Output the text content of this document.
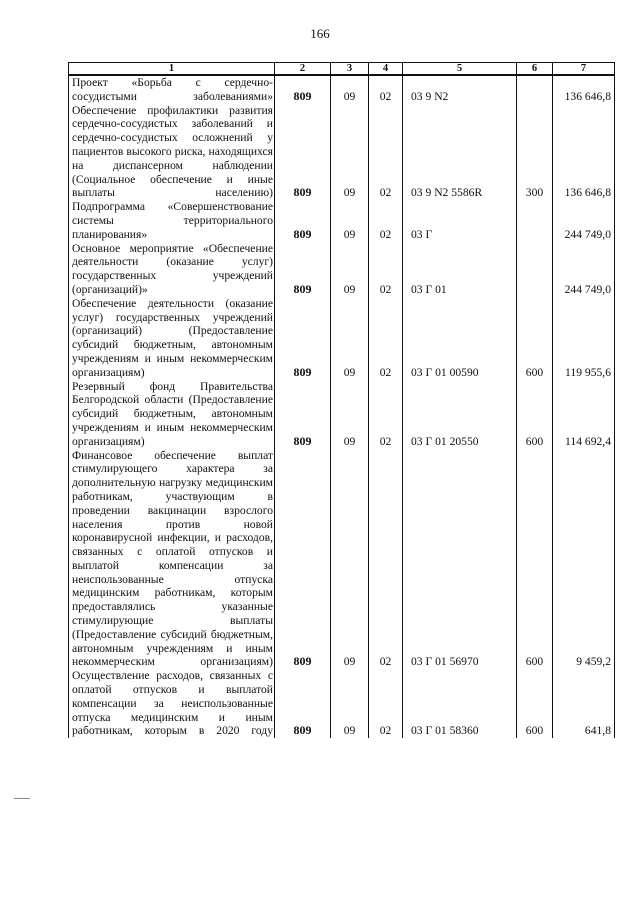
166
1	2	3	4	5	6	7
Проект «Борьба с сердечно-сосудистыми заболеваниями»	809	09	02	03 9 N2		136 646,8
Обеспечение профилактики развития сердечно-сосудистых заболеваний и сердечно-сосудистых осложнений у пациентов высокого риска, находящихся на диспансерном наблюдении (Социальное обеспечение и иные выплаты населению)	809	09	02	03 9 N2 5586R	300	136 646,8
Подпрограмма «Совершенствование системы территориального планирования»	809	09	02	03 Г		244 749,0
Основное мероприятие «Обеспечение деятельности (оказание услуг) государственных учреждений (организаций)»	809	09	02	03 Г 01		244 749,0
Обеспечение деятельности (оказание услуг) государственных учреждений (организаций) (Предоставление субсидий бюджетным, автономным учреждениям и иным некоммерческим организациям)	809	09	02	03 Г 01 00590	600	119 955,6
Резервный фонд Правительства Белгородской области (Предоставление субсидий бюджетным, автономным учреждениям и иным некоммерческим организациям)	809	09	02	03 Г 01 20550	600	114 692,4
Финансовое обеспечение выплат стимулирующего характера за дополнительную нагрузку медицинским работникам, участвующим в проведении вакцинации взрослого населения против новой коронавирусной инфекции, и расходов, связанных с оплатой отпусков и выплатой компенсации за неиспользованные отпуска медицинским работникам, которым предоставлялись указанные стимулирующие выплаты (Предоставление субсидий бюджетным, автономным учреждениям и иным некоммерческим организациям)	809	09	02	03 Г 01 56970	600	9 459,2
Осуществление расходов, связанных с оплатой отпусков и выплатой компенсации за неиспользованные отпуска медицинским и иным работникам, которым в 2020 году	809	09	02	03 Г 01 58360	600	641,8
